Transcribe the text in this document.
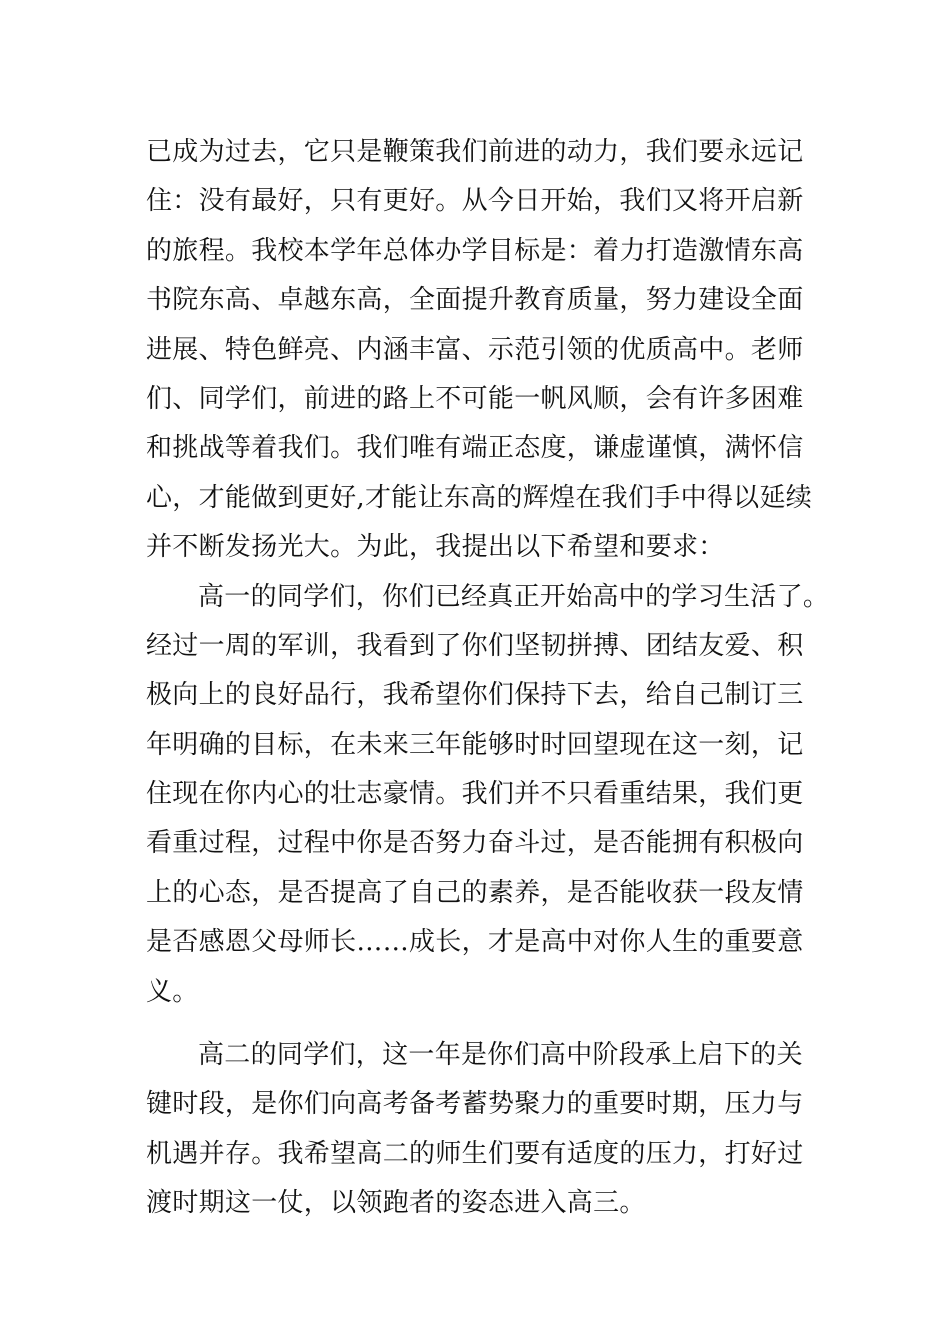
已成为过去，它只是鞭策我们前进的动力，我们要永远记
住：没有最好，只有更好。从今日开始，我们又将开启新
的旅程。我校本学年总体办学目标是：着力打造激情东高
书院东高、卓越东高，全面提升教育质量，努力建设全面
进展、特色鲜亮、内涵丰富、示范引领的优质高中。老师
们、同学们，前进的路上不可能一帆风顺，会有许多困难
和挑战等着我们。我们唯有端正态度，谦虚谨慎，满怀信
心，才能做到更好,才能让东高的辉煌在我们手中得以延续
并不断发扬光大。为此，我提出以下希望和要求：
高一的同学们，你们已经真正开始高中的学习生活了。
经过一周的军训，我看到了你们坚韧拼搏、团结友爱、积
极向上的良好品行，我希望你们保持下去，给自己制订三
年明确的目标，在未来三年能够时时回望现在这一刻，记
住现在你内心的壮志豪情。我们并不只看重结果，我们更
看重过程，过程中你是否努力奋斗过，是否能拥有积极向
上的心态，是否提高了自己的素养，是否能收获一段友情
是否感恩父母师长……成长，才是高中对你人生的重要意
义。
高二的同学们，这一年是你们高中阶段承上启下的关
键时段，是你们向高考备考蓄势聚力的重要时期，压力与
机遇并存。我希望高二的师生们要有适度的压力，打好过
渡时期这一仗，以领跑者的姿态进入高三。
